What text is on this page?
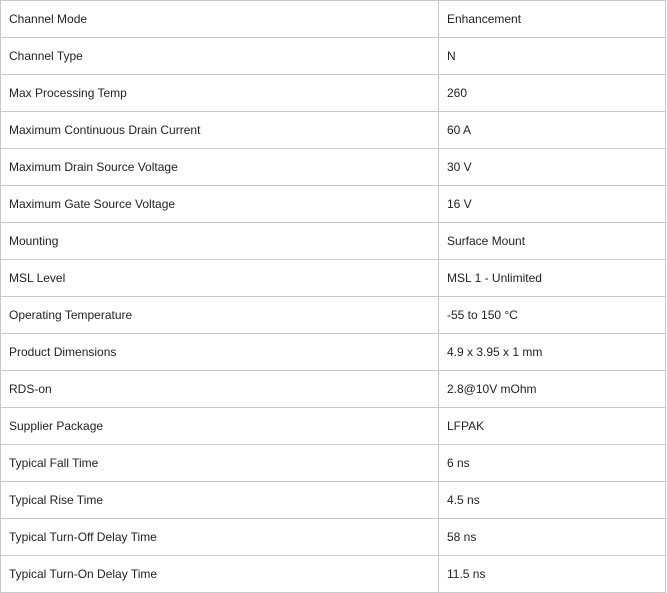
Channel Mode	Enhancement
Channel Type	N
Max Processing Temp	260
Maximum Continuous Drain Current	60 A
Maximum Drain Source Voltage	30 V
Maximum Gate Source Voltage	16 V
Mounting	Surface Mount
MSL Level	MSL 1 - Unlimited
Operating Temperature	-55 to 150 °C
Product Dimensions	4.9 x 3.95 x 1 mm
RDS-on	2.8@10V mOhm
Supplier Package	LFPAK
Typical Fall Time	6 ns
Typical Rise Time	4.5 ns
Typical Turn-Off Delay Time	58 ns
Typical Turn-On Delay Time	11.5 ns
